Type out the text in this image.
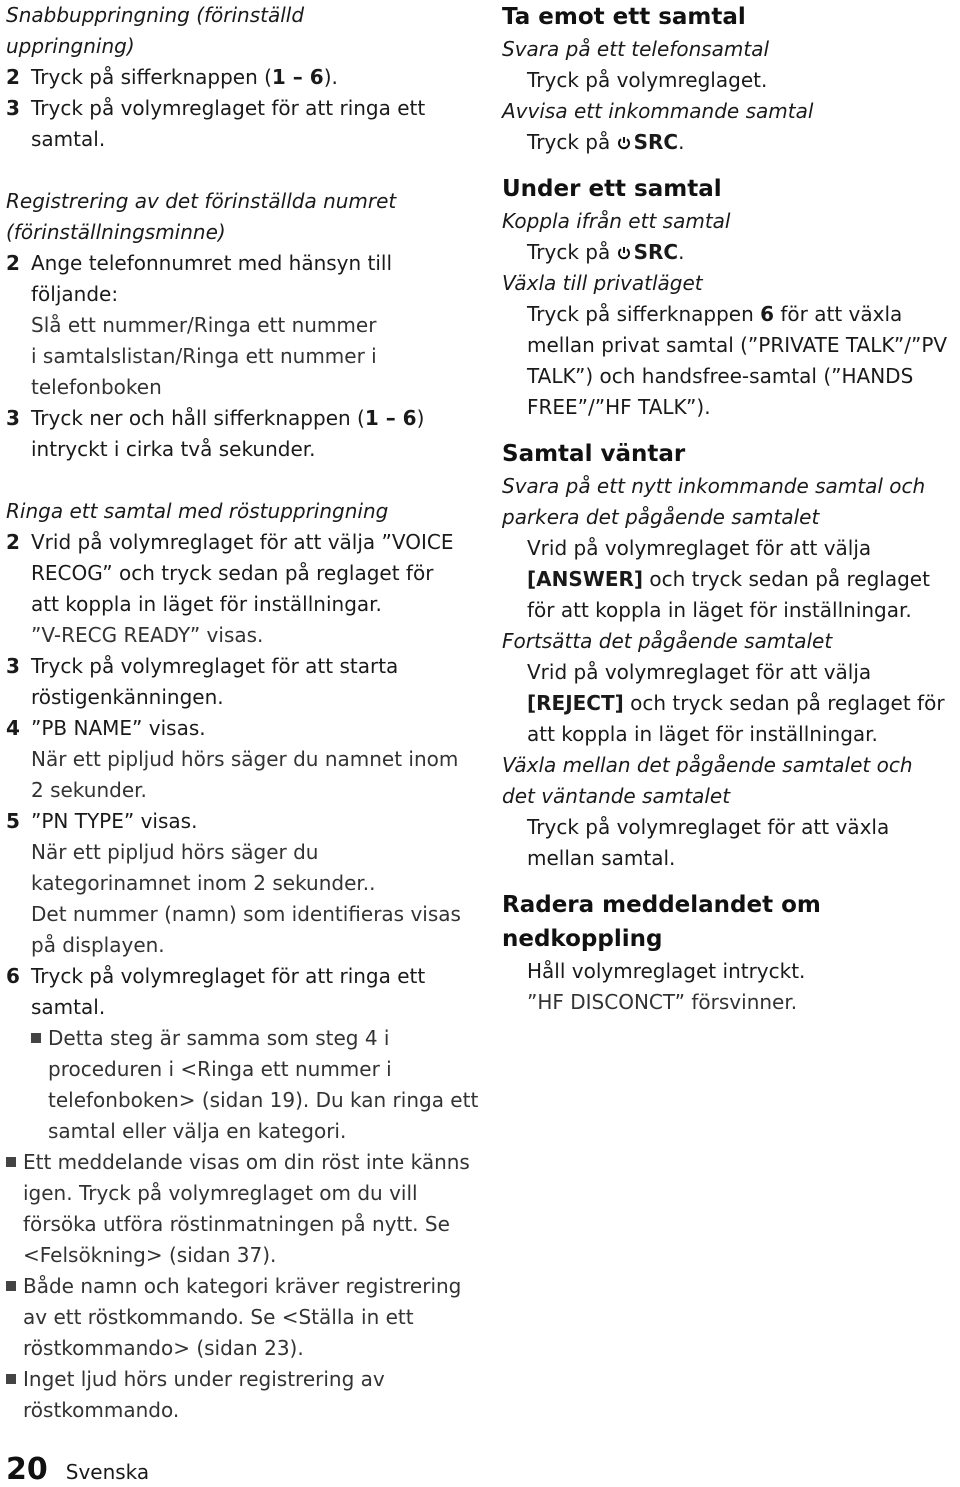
Snabbuppringning (förinställd
uppringning)
2 Tryck på sifferknappen (1 – 6).
3 Tryck på volymreglaget för att ringa ett
samtal.
Registrering av det förinställda numret
(förinställningsminne)
2 Ange telefonnumret med hänsyn till
följande:
Slå ett nummer/Ringa ett nummer
i samtalslistan/Ringa ett nummer i
telefonboken
3 Tryck ner och håll sifferknappen (1 – 6)
intryckt i cirka två sekunder.
Ringa ett samtal med röstuppringning
2 Vrid på volymreglaget för att välja ”VOICE
RECOG” och tryck sedan på reglaget för
att koppla in läget för inställningar.
”V-RECG READY” visas.
3 Tryck på volymreglaget för att starta
röstigenkänningen.
4 ”PB NAME” visas.
När ett pipljud hörs säger du namnet inom
2 sekunder.
5 ”PN TYPE” visas.
När ett pipljud hörs säger du
kategorinamnet inom 2 sekunder..
Det nummer (namn) som identifieras visas
på displayen.
6 Tryck på volymreglaget för att ringa ett
samtal.
Detta steg är samma som steg 4 i
proceduren i <Ringa ett nummer i
telefonboken> (sidan 19). Du kan ringa ett
samtal eller välja en kategori.
Ett meddelande visas om din röst inte känns
igen. Tryck på volymreglaget om du vill
försöka utföra röstinmatningen på nytt. Se
<Felsökning> (sidan 37).
Både namn och kategori kräver registrering
av ett röstkommando. Se <Ställa in ett
röstkommando> (sidan 23).
Inget ljud hörs under registrering av
röstkommando.
Ta emot ett samtal
Svara på ett telefonsamtal
Tryck på volymreglaget.
Avvisa ett inkommande samtal
Tryck på SRC.
Under ett samtal
Koppla ifrån ett samtal
Tryck på SRC.
Växla till privatläget
Tryck på sifferknappen 6 för att växla
mellan privat samtal (”PRIVATE TALK”/”PV
TALK”) och handsfree-samtal (”HANDS
FREE”/”HF TALK”).
Samtal väntar
Svara på ett nytt inkommande samtal och
parkera det pågående samtalet
Vrid på volymreglaget för att välja
[ANSWER] och tryck sedan på reglaget
för att koppla in läget för inställningar.
Fortsätta det pågående samtalet
Vrid på volymreglaget för att välja
[REJECT] och tryck sedan på reglaget för
att koppla in läget för inställningar.
Växla mellan det pågående samtalet och
det väntande samtalet
Tryck på volymreglaget för att växla
mellan samtal.
Radera meddelandet om
nedkoppling
Håll volymreglaget intryckt.
”HF DISCONCT” försvinner.
20 Svenska
